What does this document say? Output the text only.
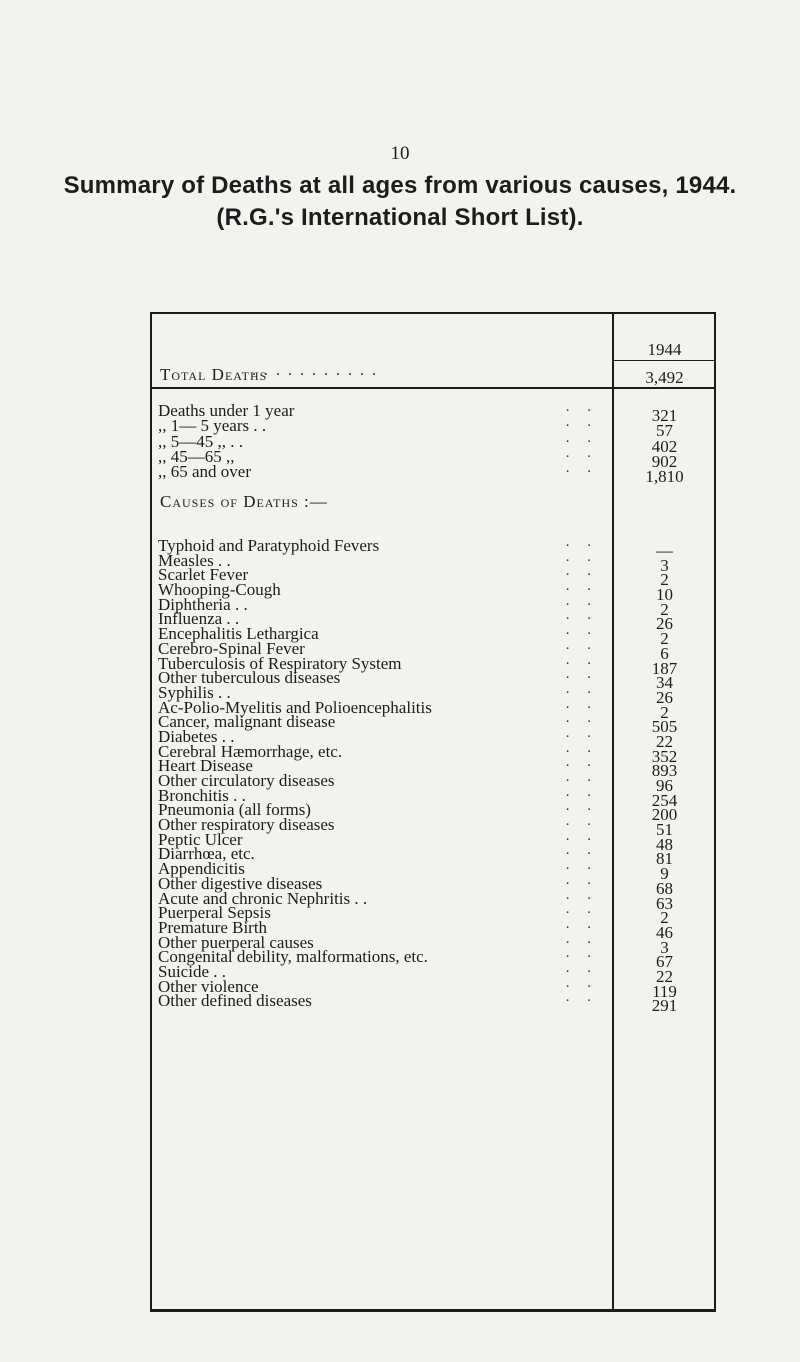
10
Summary of Deaths at all ages from various causes, 1944.
(R.G.'s International Short List).
1944
Total Deaths
. . . . . . . . . . .	3,492
Deaths under 1 year	. .	321
,, 1— 5 years . .	. .	57
,, 5—45 ,, . .	. .	402
,, 45—65 ,,	. .	902
,, 65 and over	. .	1,810
Causes of Deaths :—
Typhoid and Paratyphoid Fevers	. .	—
Measles . .	. .	3
Scarlet Fever	. .	2
Whooping-Cough	. .	10
Diphtheria . .	. .	2
Influenza . .	. .	26
Encephalitis Lethargica	. .	2
Cerebro-Spinal Fever	. .	6
Tuberculosis of Respiratory System	. .	187
Other tuberculous diseases	. .	34
Syphilis . .	. .	26
Ac-Polio-Myelitis and Polioencephalitis	. .	2
Cancer, malignant disease	. .	505
Diabetes . .	. .	22
Cerebral Hæmorrhage, etc.	. .	352
Heart Disease	. .	893
Other circulatory diseases	. .	96
Bronchitis . .	. .	254
Pneumonia (all forms)	. .	200
Other respiratory diseases	. .	51
Peptic Ulcer	. .	48
Diarrhœa, etc.	. .	81
Appendicitis	. .	9
Other digestive diseases	. .	68
Acute and chronic Nephritis . .	. .	63
Puerperal Sepsis	. .	2
Premature Birth	. .	46
Other puerperal causes	. .	3
Congenital debility, malformations, etc.	. .	67
Suicide . .	. .	22
Other violence	. .	119
Other defined diseases	. .	291
